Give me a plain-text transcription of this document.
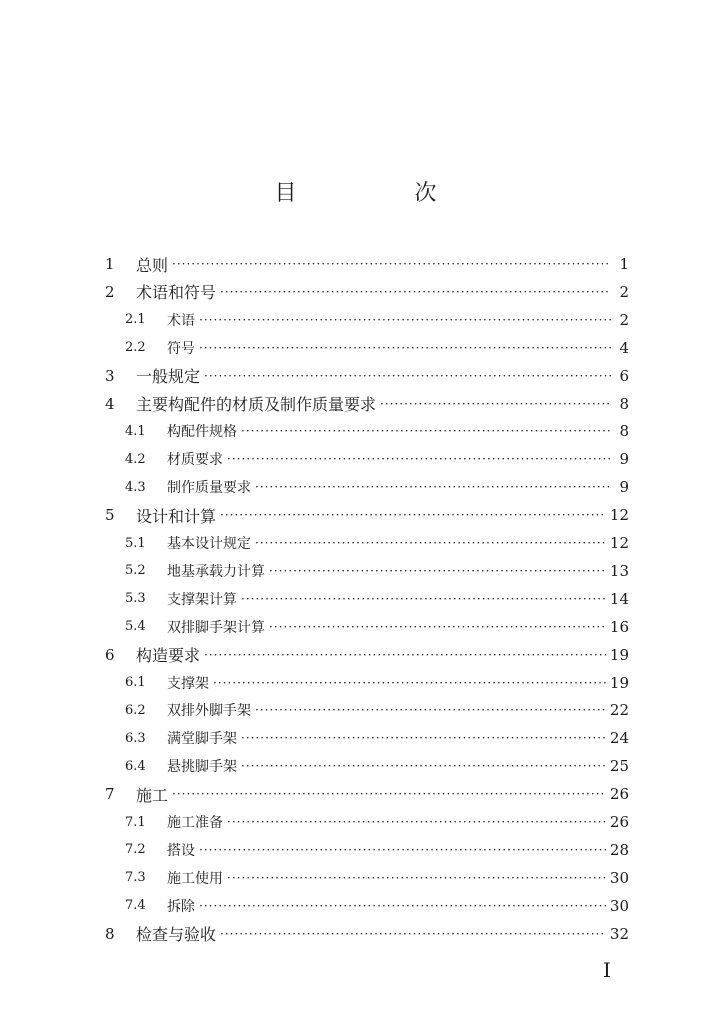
目　次
1	总则 ·····	1
2	术语和符号 ·····	2
2.1	术语 ·····	2
2.2	符号 ·····	4
3	一般规定 ·····	6
4	主要构配件的材质及制作质量要求 ·····	8
4.1	构配件规格 ·····	8
4.2	材质要求 ·····	9
4.3	制作质量要求 ·····	9
5	设计和计算 ·····	12
5.1	基本设计规定 ·····	12
5.2	地基承载力计算 ·····	13
5.3	支撑架计算 ·····	14
5.4	双排脚手架计算 ·····	16
6	构造要求 ·····	19
6.1	支撑架 ·····	19
6.2	双排外脚手架 ·····	22
6.3	满堂脚手架 ·····	24
6.4	悬挑脚手架 ·····	25
7	施工 ·····	26
7.1	施工准备 ·····	26
7.2	搭设 ·····	28
7.3	施工使用 ·····	30
7.4	拆除 ·····	30
8	检查与验收 ·····	32
I
